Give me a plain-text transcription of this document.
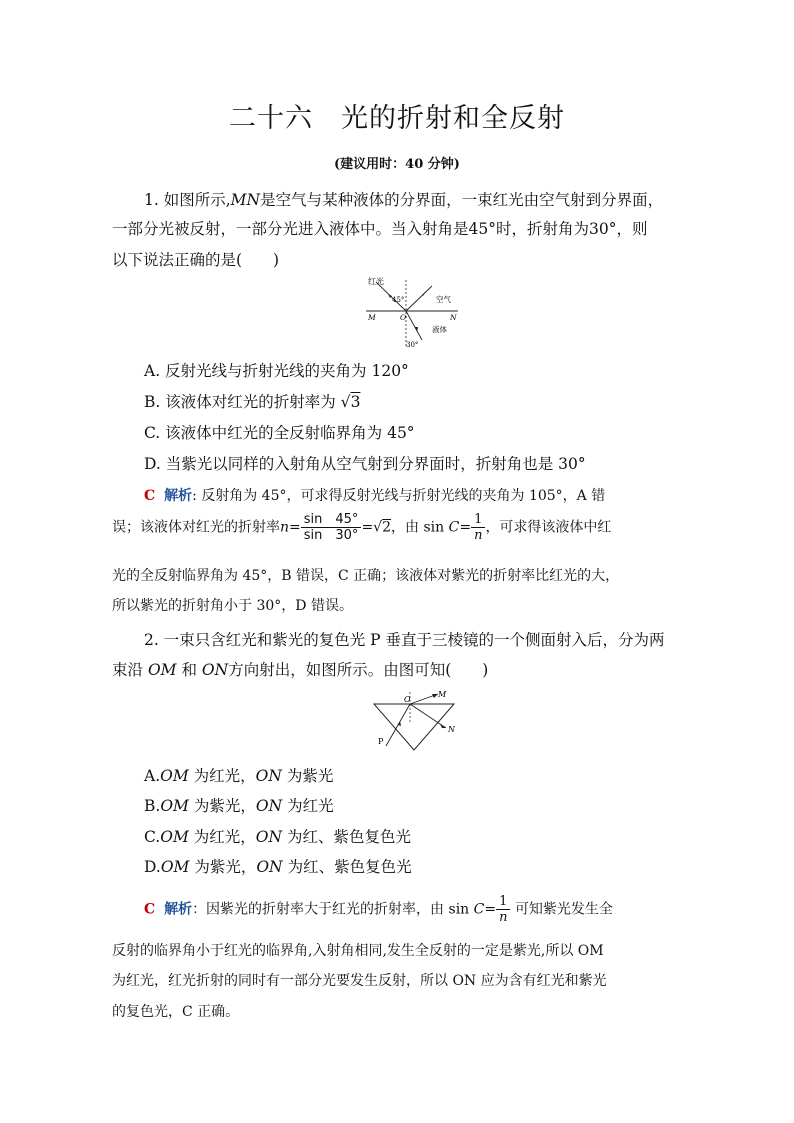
二十六　光的折射和全反射
(建议用时：40 分钟)
1. 如图所示,MN是空气与某种液体的分界面，一束红光由空气射到分界面，
一部分光被反射，一部分光进入液体中。当入射角是45°时，折射角为30°，则
以下说法正确的是(　　)
红光
45°	空气
M	O	N
液体
30°
A. 反射光线与折射光线的夹角为 120°
B. 该液体对红光的折射率为 √3
C. 该液体中红光的全反射临界角为 45°
D. 当紫光以同样的入射角从空气射到分界面时，折射角也是 30°
C 解析: 反射角为 45°，可求得反射光线与折射光线的夹角为 105°，A 错
误；该液体对红光的折射率$n= \frac{\sin 45^\circ}{\sin 30^\circ} =√2$，由 $\sin C= \frac{1}{n}$ ，可求得该液体中红
光的全反射临界角为 45°，B 错误，C 正确；该液体对紫光的折射率比红光的大，
所以紫光的折射角小于 30°，D 错误。
2. 一束只含红光和紫光的复色光 P 垂直于三棱镜的一个侧面射入后，分为两
束沿 OM 和 ON方向射出，如图所示。由图可知(　　)
O
M
N
P
A.OM 为红光，ON 为紫光
B.OM 为紫光，ON 为红光
C.OM 为红光，ON 为红、紫色复色光
D.OM 为紫光，ON 为红、紫色复色光
C 解析：因紫光的折射率大于红光的折射率，由 $\sin C= \frac{1}{n}$ 可知紫光发生全
反射的临界角小于红光的临界角,入射角相同,发生全反射的一定是紫光,所以 OM
为红光，红光折射的同时有一部分光要发生反射，所以 ON 应为含有红光和紫光
的复色光，C 正确。
